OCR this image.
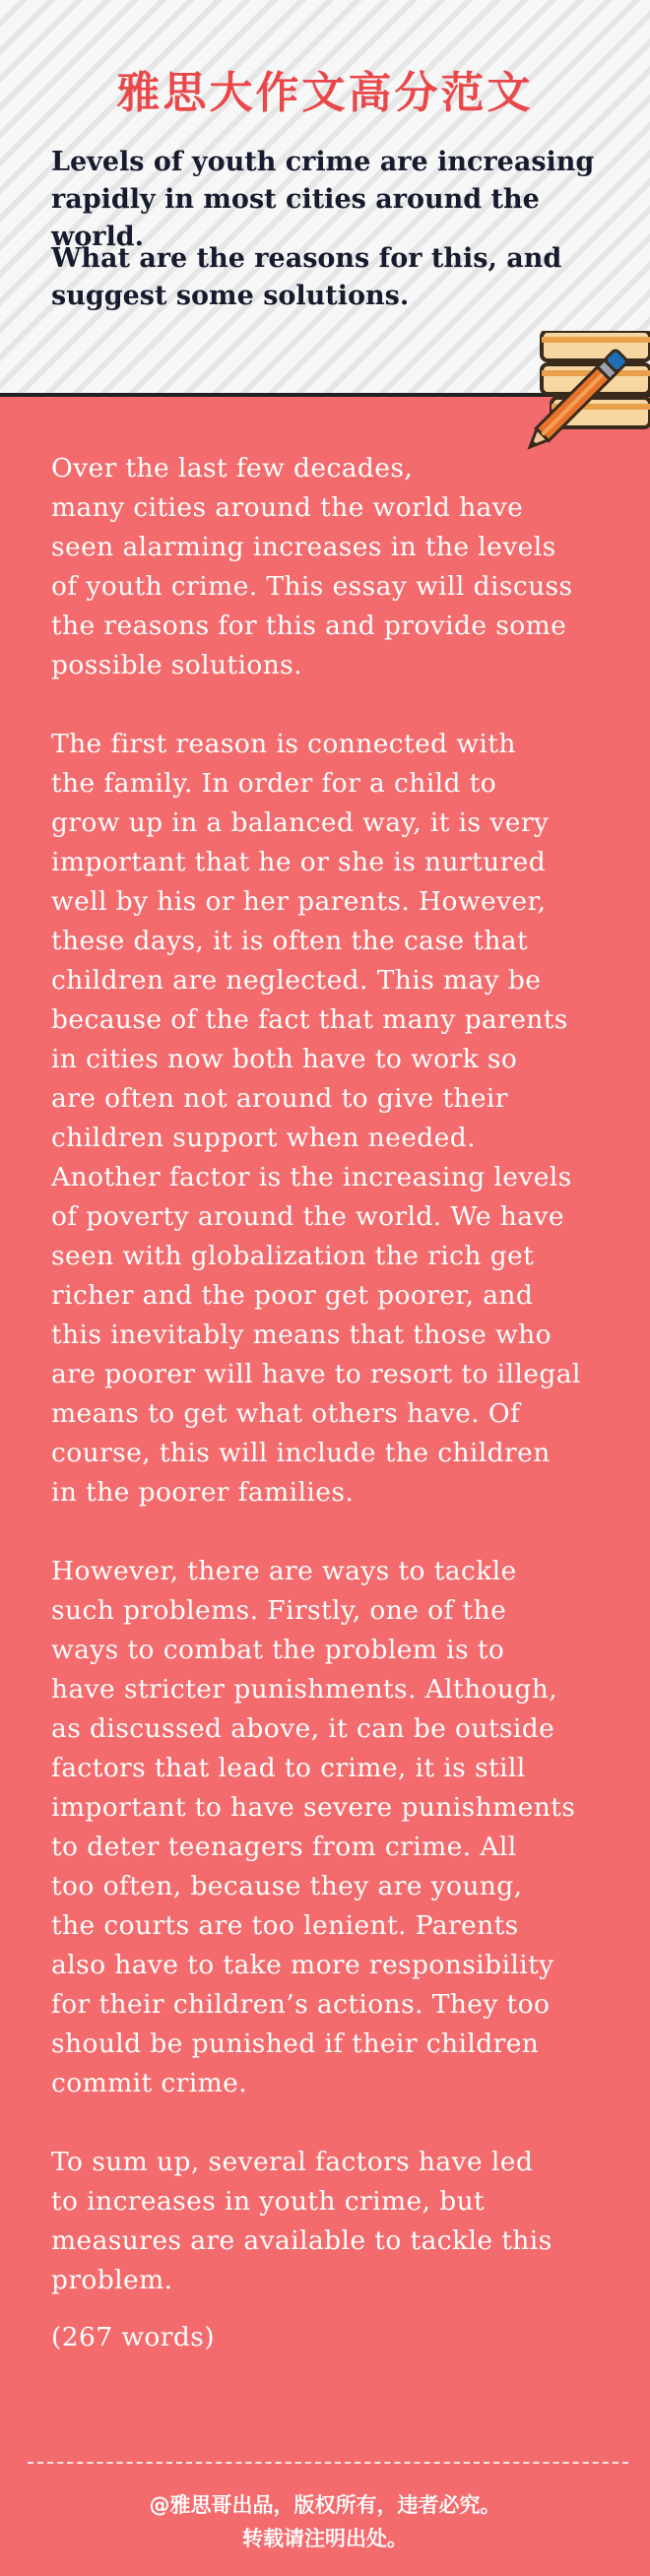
雅思大作文高分范文

Levels of youth crime are increasing rapidly in most cities around the world.

What are the reasons for this, and suggest some solutions.

Over the last few decades,
many cities around the world have
seen alarming increases in the levels
of youth crime. This essay will discuss
the reasons for this and provide some
possible solutions.

The first reason is connected with
the family. In order for a child to
grow up in a balanced way, it is very
important that he or she is nurtured
well by his or her parents. However,
these days, it is often the case that
children are neglected. This may be
because of the fact that many parents
in cities now both have to work so
are often not around to give their
children support when needed.
Another factor is the increasing levels
of poverty around the world. We have
seen with globalization the rich get
richer and the poor get poorer, and
this inevitably means that those who
are poorer will have to resort to illegal
means to get what others have. Of
course, this will include the children
in the poorer families.

However, there are ways to tackle
such problems. Firstly, one of the
ways to combat the problem is to
have stricter punishments. Although,
as discussed above, it can be outside
factors that lead to crime, it is still
important to have severe punishments
to deter teenagers from crime. All
too often, because they are young,
the courts are too lenient. Parents
also have to take more responsibility
for their children’s actions. They too
should be punished if their children
commit crime.

To sum up, several factors have led
to increases in youth crime, but
measures are available to tackle this
problem.

(267 words)

@雅思哥出品，版权所有，违者必究。
转载请注明出处。
